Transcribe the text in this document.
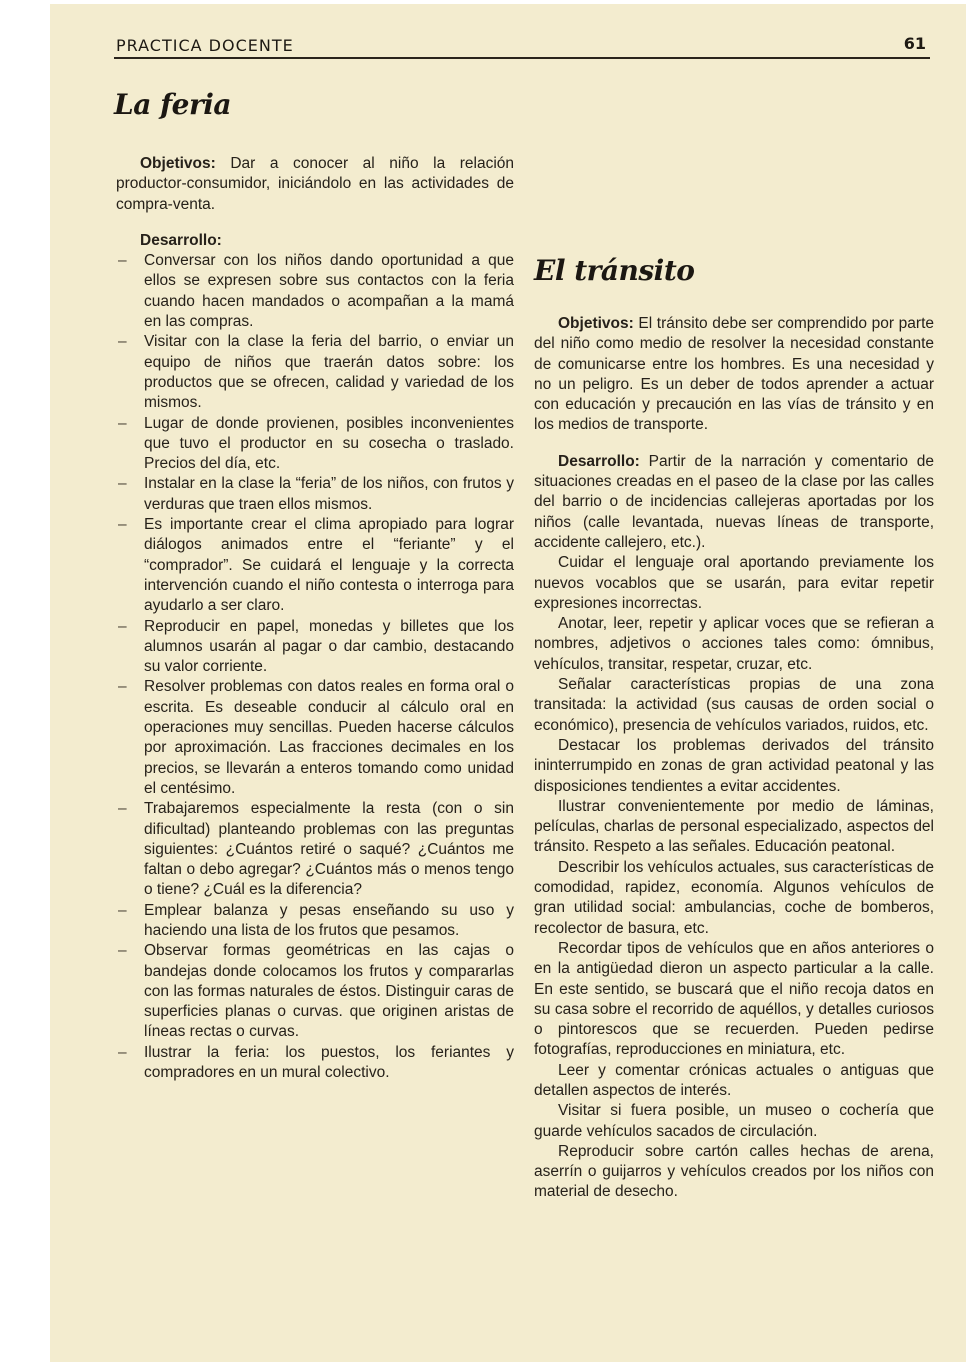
PRACTICA DOCENTE	61
La feria

Objetivos: Dar a conocer al niño la relación productor-consumidor, iniciándolo en las actividades de compra-venta.

Desarrollo:

– Conversar con los niños dando oportunidad a que ellos se expresen sobre sus contactos con la feria cuando hacen mandados o acompañan a la mamá en las compras.
– Visitar con la clase la feria del barrio, o enviar un equipo de niños que traerán datos sobre: los productos que se ofrecen, calidad y variedad de los mismos.
– Lugar de donde provienen, posibles inconvenientes que tuvo el productor en su cosecha o traslado. Precios del día, etc.
– Instalar en la clase la “feria” de los niños, con frutos y verduras que traen ellos mismos.
– Es importante crear el clima apropiado para lograr diálogos animados entre el “feriante” y el “comprador”. Se cuidará el lenguaje y la correcta intervención cuando el niño contesta o interroga para ayudarlo a ser claro.
– Reproducir en papel, monedas y billetes que los alumnos usarán al pagar o dar cambio, destacando su valor corriente.
– Resolver problemas con datos reales en forma oral o escrita. Es deseable conducir al cálculo oral en operaciones muy sencillas. Pueden hacerse cálculos por aproximación. Las fracciones decimales en los precios, se llevarán a enteros tomando como unidad el centésimo.
– Trabajaremos especialmente la resta (con o sin dificultad) planteando problemas con las preguntas siguientes: ¿Cuántos retiré o saqué? ¿Cuántos me faltan o debo agregar? ¿Cuántos más o menos tengo o tiene? ¿Cuál es la diferencia?
– Emplear balanza y pesas enseñando su uso y haciendo una lista de los frutos que pesamos.
– Observar formas geométricas en las cajas o bandejas donde colocamos los frutos y compararlas con las formas naturales de éstos. Distinguir caras de superficies planas o curvas. que originen aristas de líneas rectas o curvas.
– Ilustrar la feria: los puestos, los feriantes y compradores en un mural colectivo.
El tránsito

Objetivos: El tránsito debe ser comprendido por parte del niño como medio de resolver la necesidad constante de comunicarse entre los hombres. Es una necesidad y no un peligro. Es un deber de todos aprender a actuar con educación y precaución en las vías de tránsito y en los medios de transporte.

Desarrollo: Partir de la narración y comentario de situaciones creadas en el paseo de la clase por las calles del barrio o de incidencias callejeras aportadas por los niños (calle levantada, nuevas líneas de transporte, accidente callejero, etc.).

Cuidar el lenguaje oral aportando previamente los nuevos vocablos que se usarán, para evitar repetir expresiones incorrectas.

Anotar, leer, repetir y aplicar voces que se refieran a nombres, adjetivos o acciones tales como: ómnibus, vehículos, transitar, respetar, cruzar, etc.

Señalar características propias de una zona transitada: la actividad (sus causas de orden social o económico), presencia de vehículos variados, ruidos, etc.

Destacar los problemas derivados del tránsito ininterrumpido en zonas de gran actividad peatonal y las disposiciones tendientes a evitar accidentes.

Ilustrar convenientemente por medio de láminas, películas, charlas de personal especializado, aspectos del tránsito. Respeto a las señales. Educación peatonal.

Describir los vehículos actuales, sus características de comodidad, rapidez, economía. Algunos vehículos de gran utilidad social: ambulancias, coche de bomberos, recolector de basura, etc.

Recordar tipos de vehículos que en años anteriores o en la antigüedad dieron un aspecto particular a la calle. En este sentido, se buscará que el niño recoja datos en su casa sobre el recorrido de aquéllos, y detalles curiosos o pintorescos que se recuerden. Pueden pedirse fotografías, reproducciones en miniatura, etc.

Leer y comentar crónicas actuales o antiguas que detallen aspectos de interés.

Visitar si fuera posible, un museo o cochería que guarde vehículos sacados de circulación.

Reproducir sobre cartón calles hechas de arena, aserrín o guijarros y vehículos creados por los niños con material de desecho.
